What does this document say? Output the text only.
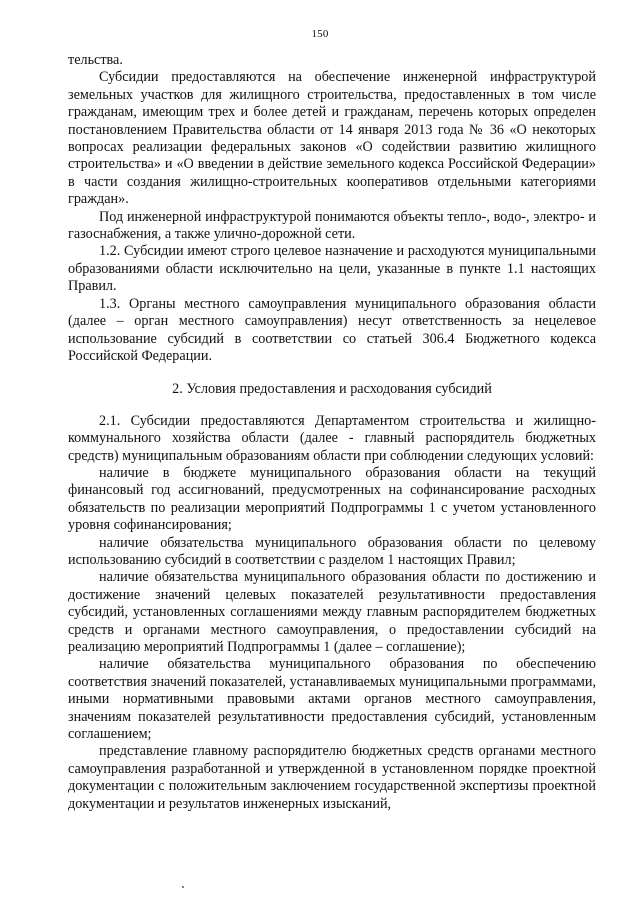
150

тельства.

Субсидии предоставляются на обеспечение инженерной инфраструктурой земельных участков для жилищного строительства, предоставленных в том числе гражданам, имеющим трех и более детей и гражданам, перечень которых определен постановлением Правительства области от 14 января 2013 года № 36 «О некоторых вопросах реализации федеральных законов «О содействии развитию жилищного строительства» и «О введении в действие земельного кодекса Российской Федерации» в части создания жилищно-строительных кооперативов отдельными категориями граждан».

Под инженерной инфраструктурой понимаются объекты тепло-, водо-, электро- и газоснабжения, а также улично-дорожной сети.

1.2. Субсидии имеют строго целевое назначение и расходуются муниципальными образованиями области исключительно на цели, указанные в пункте 1.1 настоящих Правил.

1.3. Органы местного самоуправления муниципального образования области (далее – орган местного самоуправления) несут ответственность за нецелевое использование субсидий в соответствии со статьей 306.4 Бюджетного кодекса Российской Федерации.

2. Условия предоставления и расходования субсидий

2.1. Субсидии предоставляются Департаментом строительства и жилищно-коммунального хозяйства области (далее - главный распорядитель бюджетных средств) муниципальным образованиям области при соблюдении следующих условий:

наличие в бюджете муниципального образования области на текущий финансовый год ассигнований, предусмотренных на софинансирование расходных обязательств по реализации мероприятий Подпрограммы 1 с учетом установленного уровня софинансирования;

наличие обязательства муниципального образования области по целевому использованию субсидий в соответствии с разделом 1 настоящих Правил;

наличие обязательства муниципального образования области по достижению и достижение значений целевых показателей результативности предоставления субсидий, установленных соглашениями между главным распорядителем бюджетных средств и органами местного самоуправления, о предоставлении субсидий на реализацию мероприятий Подпрограммы 1 (далее – соглашение);

наличие обязательства муниципального образования по обеспечению соответствия значений показателей, устанавливаемых муниципальными программами, иными нормативными правовыми актами органов местного самоуправления, значениям показателей результативности предоставления субсидий, установленным соглашением;

представление главному распорядителю бюджетных средств органами местного самоуправления разработанной и утвержденной в установленном порядке проектной документации с положительным заключением государственной экспертизы проектной документации и результатов инженерных изысканий,
